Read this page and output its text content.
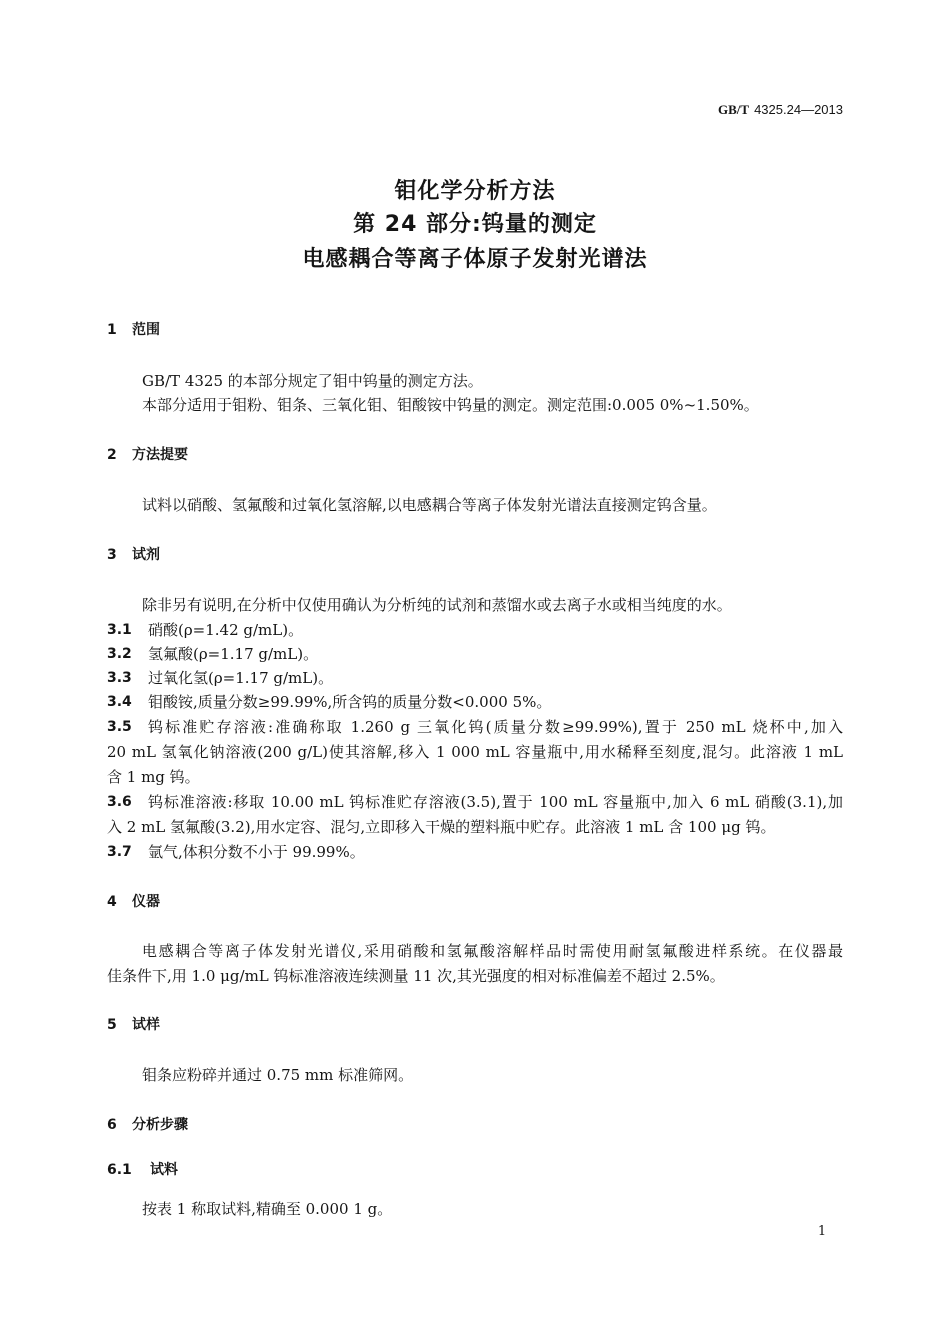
GB/T 4325.24—2013
钼化学分析方法
第 24 部分:钨量的测定
电感耦合等离子体原子发射光谱法
1	范围
GB/T 4325 的本部分规定了钼中钨量的测定方法。
本部分适用于钼粉、钼条、三氧化钼、钼酸铵中钨量的测定。测定范围:0.005 0%~1.50%。
2	方法提要
试料以硝酸、氢氟酸和过氧化氢溶解,以电感耦合等离子体发射光谱法直接测定钨含量。
3	试剂
除非另有说明,在分析中仅使用确认为分析纯的试剂和蒸馏水或去离子水或相当纯度的水。
3.1	硝酸(ρ=1.42 g/mL)。
3.2	氢氟酸(ρ=1.17 g/mL)。
3.3	过氧化氢(ρ=1.17 g/mL)。
3.4	钼酸铵,质量分数≥99.99%,所含钨的质量分数<0.000 5%。
3.5	钨标准贮存溶液:准确称取 1.260 g 三氧化钨(质量分数≥99.99%),置于 250 mL 烧杯中,加入
20 mL 氢氧化钠溶液(200 g/L)使其溶解,移入 1 000 mL 容量瓶中,用水稀释至刻度,混匀。此溶液 1 mL
含 1 mg 钨。
3.6	钨标准溶液:移取 10.00 mL 钨标准贮存溶液(3.5),置于 100 mL 容量瓶中,加入 6 mL 硝酸(3.1),加
入 2 mL 氢氟酸(3.2),用水定容、混匀,立即移入干燥的塑料瓶中贮存。此溶液 1 mL 含 100 μg 钨。
3.7	氩气,体积分数不小于 99.99%。
4	仪器
电感耦合等离子体发射光谱仪,采用硝酸和氢氟酸溶解样品时需使用耐氢氟酸进样系统。在仪器最
佳条件下,用 1.0 μg/mL 钨标准溶液连续测量 11 次,其光强度的相对标准偏差不超过 2.5%。
5	试样
钼条应粉碎并通过 0.75 mm 标准筛网。
6	分析步骤
6.1	试料
按表 1 称取试料,精确至 0.000 1 g。
1
